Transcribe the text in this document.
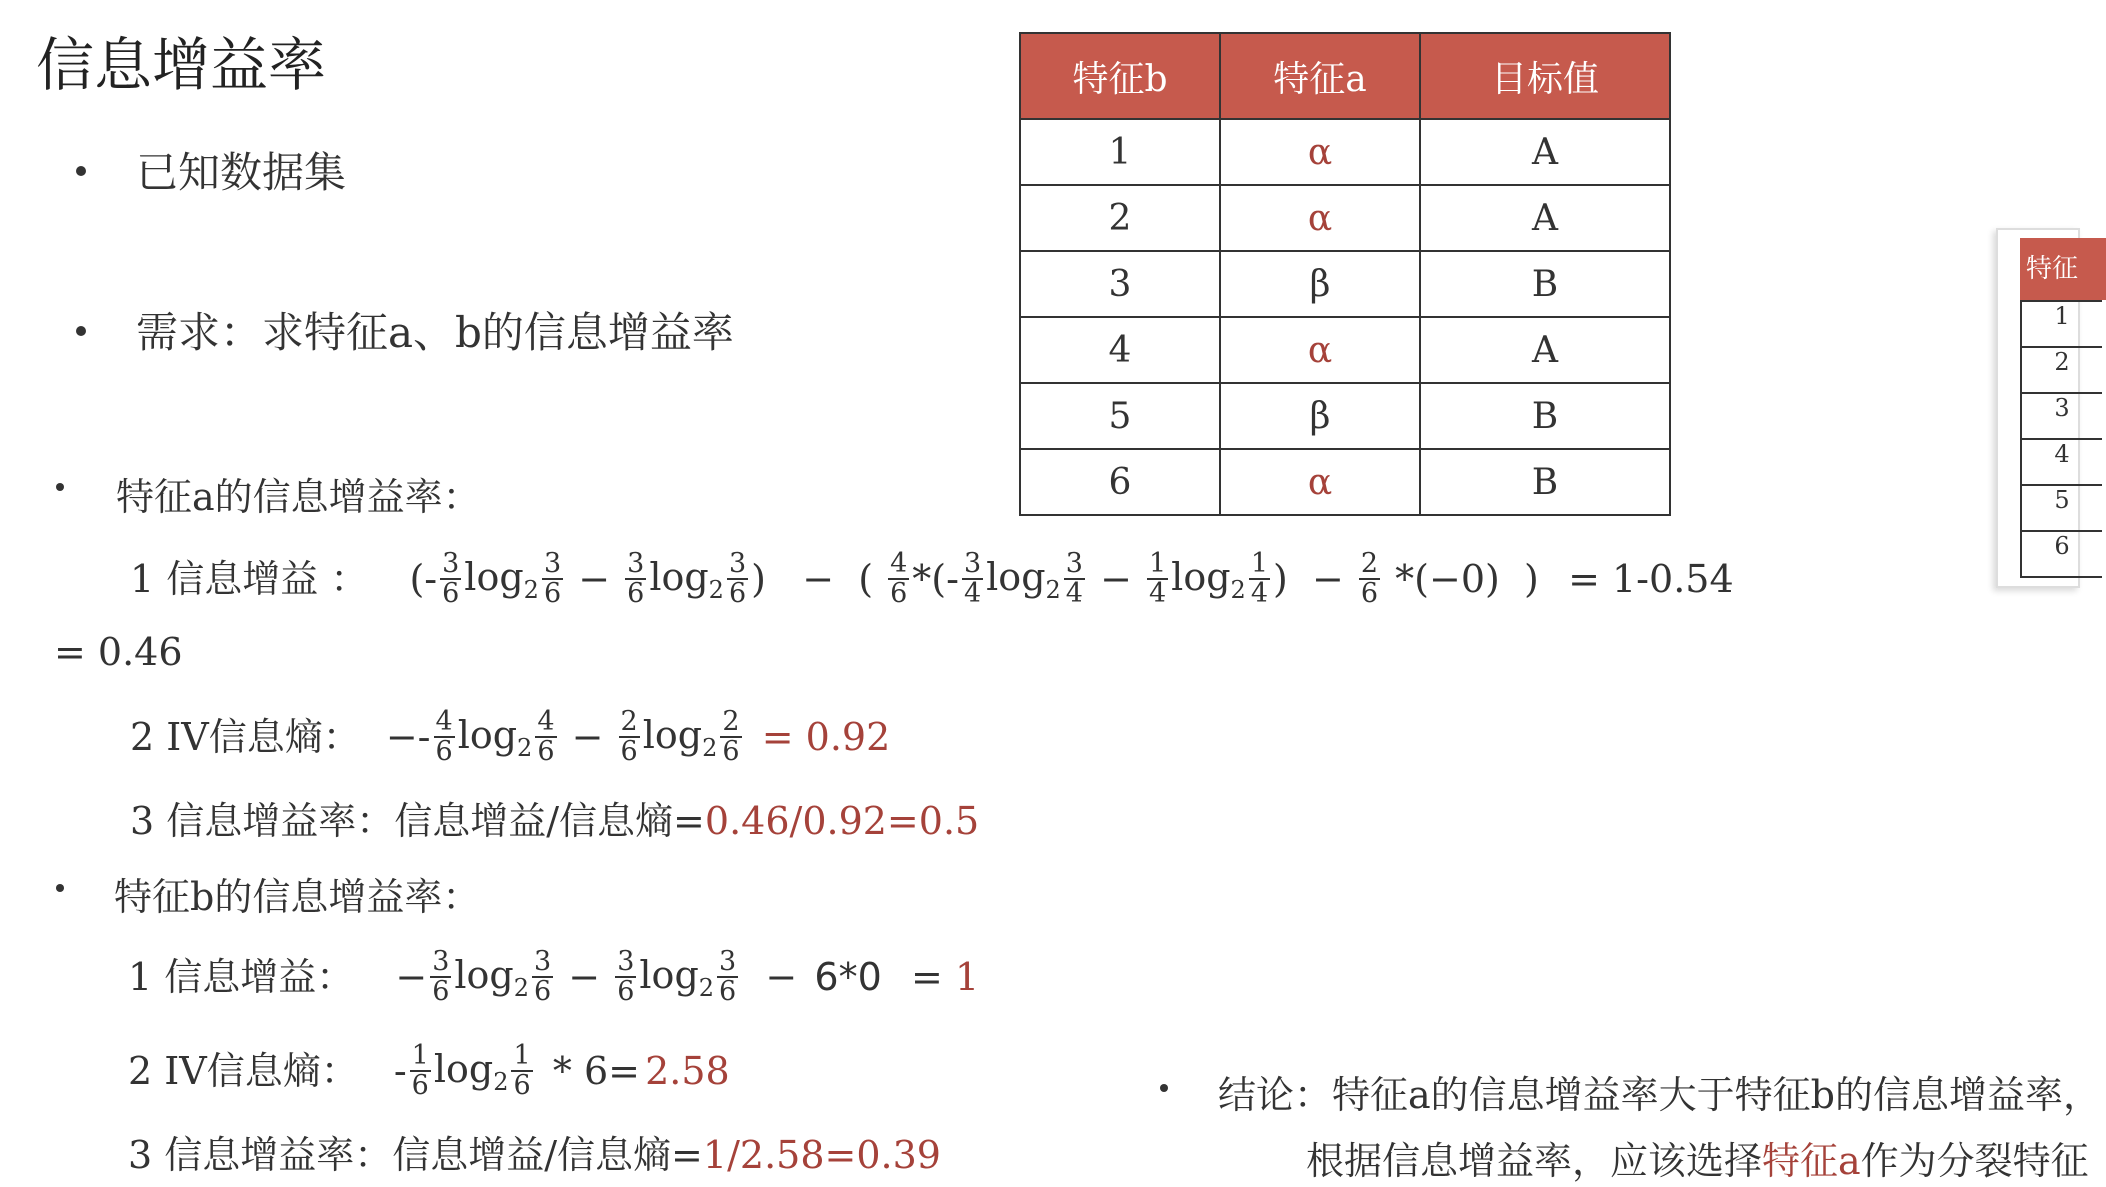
信息增益率
已知数据集
需求：求特征a、b的信息增益率
特征a的信息增益率：
1 信息增益 ： (- $\frac{3}{6} \log_2 \frac{3}{6} - \frac{3}{6} \log_2 \frac{3}{6}$ )   −  ( $\frac{4}{6}$ *(- $\frac{3}{4} \log_2 \frac{3}{4} - \frac{1}{4} \log_2 \frac{1}{4}$ )  − $\frac{2}{6} *(-0)$  )   = 1-0.54
= 0.46
2 IV信息熵： −- $\frac{4}{6} \log_2 \frac{4}{6} - \frac{2}{6} \log_2 \frac{2}{6} = 0.92$
3 信息增益率：信息增益/信息熵=0.46/0.92=0.5
特征b的信息增益率：
1 信息增益： − $\frac{3}{6} \log_2 \frac{3}{6} - \frac{3}{6} \log_2 \frac{3}{6} - 6*0 = 1$
2 IV信息熵： - $\frac{1}{6} \log_2 \frac{1}{6} * 6= 2.58$
3 信息增益率：信息增益/信息熵=1/2.58=0.39
特征b	特征a	目标值
1	α	A
2	α	A
3	β	B
4	α	A
5	β	B
6	α	B
特征
1
2
3
4
5
6
结论：特征a的信息增益率大于特征b的信息增益率，
根据信息增益率，应该选择特征a作为分裂特征
